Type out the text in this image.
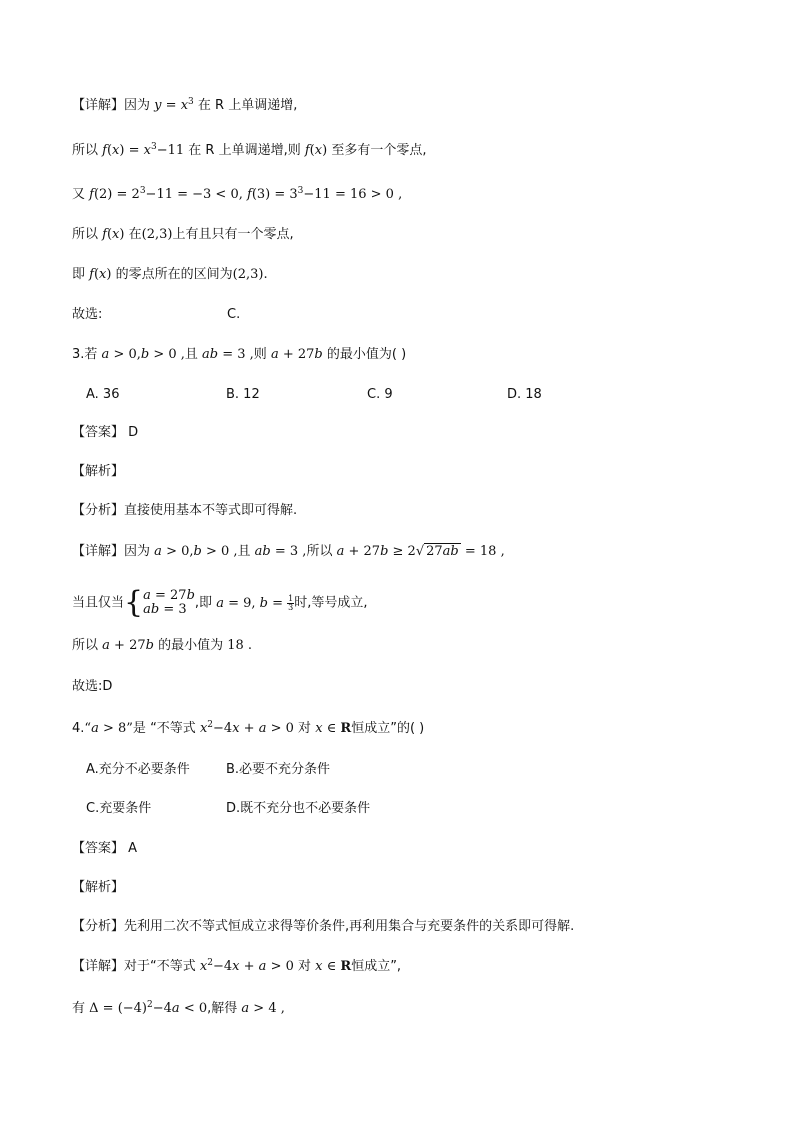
【详解】因为 $y = x^3$ 在 R 上单调递增,
所以 $f(x) = x^3-11$ 在 R 上单调递增,则 f(x) 至多有一个零点,
又 $f(2) = 2^3-11 = -3 < 0$, $f(3) = 3^3-11 = 16 > 0$ ,
所以 f(x) 在(2,3)上有且只有一个零点,
即 f(x) 的零点所在的区间为(2,3).
故选:	C.
3.若 a > 0,b > 0 ,且 ab = 3 ,则 a + 27b 的最小值为( )
A. 36	B. 12	C. 9	D. 18
【答案】 D
【解析】
【分析】直接使用基本不等式即可得解.
【详解】因为 a > 0,b > 0 ,且 ab = 3 ,所以 a + 27b ≥ 2√ 27ab = 18 ,
当且仅当{a = 27b
ab = 3 ,即 a = 9, $b = \frac{1}{3}$ 时,等号成立,
所以 a + 27b 的最小值为 18 .
故选:D
4.“a > 8”是 “不等式 $x^2-4x + a > 0$ 对 x ∈ R恒成立”的( )
A.充分不必要条件	B.必要不充分条件
C.充要条件	D.既不充分也不必要条件
【答案】 A
【解析】
【分析】先利用二次不等式恒成立求得等价条件,再利用集合与充要条件的关系即可得解.
【详解】对于“不等式 $x^2-4x + a > 0$ 对 x ∈ R恒成立”,
有 $\Delta = (-4)^2-4a < 0$,解得 a > 4 ,
